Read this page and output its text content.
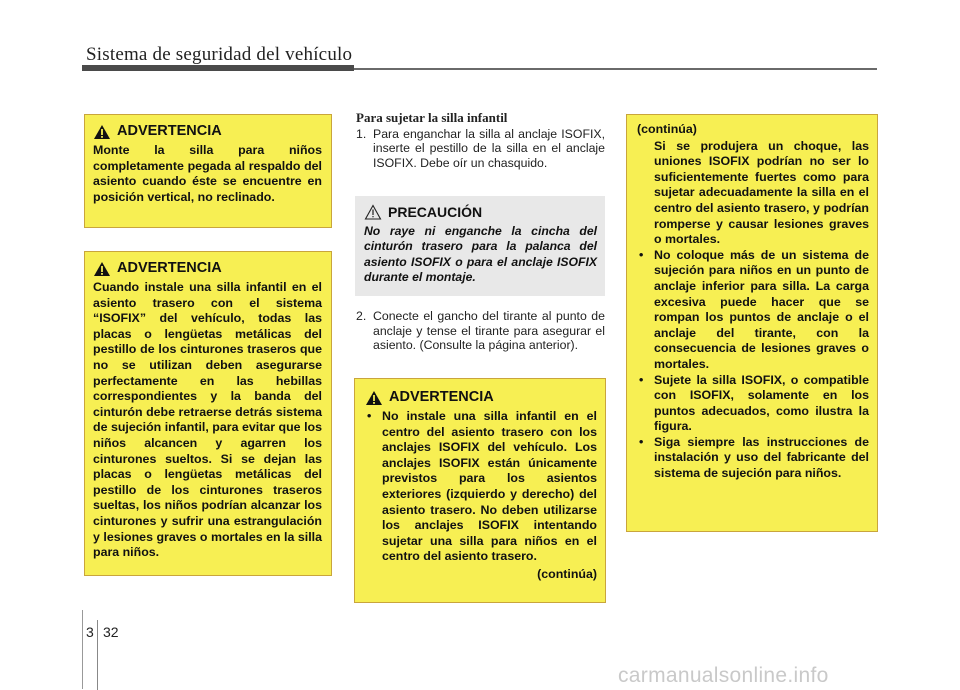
Sistema de seguridad del vehículo
ADVERTENCIA
Monte la silla para niños completamente pegada al respaldo del asiento cuando éste se encuentre en posición vertical, no reclinado.
ADVERTENCIA
Cuando instale una silla infantil en el asiento trasero con el sistema “ISOFIX” del vehículo, todas las placas o lengüetas metálicas del pestillo de los cinturones traseros que no se utilizan deben asegurarse perfectamente en las hebillas correspondientes y la banda del cinturón debe retraerse detrás sistema de sujeción infantil, para evitar que los niños alcancen y agarren los cinturones sueltos. Si se dejan las placas o lengüetas metálicas del pestillo de los cinturones traseros sueltas, los niños podrían alcanzar los cinturones y sufrir una estrangulación y lesiones graves o mortales en la silla para niños.
Para sujetar la silla infantil
1. Para enganchar la silla al anclaje ISOFIX, inserte el pestillo de la silla en el anclaje ISOFIX. Debe oír un chasquido.
PRECAUCIÓN
No raye ni enganche la cincha del cinturón trasero para la palanca del asiento ISOFIX o para el anclaje ISOFIX durante el montaje.
2. Conecte el gancho del tirante al punto de anclaje y tense el tirante para asegurar el asiento. (Consulte la página anterior).
ADVERTENCIA
• No instale una silla infantil en el centro del asiento trasero con los anclajes ISOFIX del vehículo. Los anclajes ISOFIX están únicamente previstos para los asientos exteriores (izquierdo y derecho) del asiento trasero. No deben utilizarse los anclajes ISOFIX intentando sujetar una silla para niños en el centro del asiento trasero.
(continúa)
(continúa)
Si se produjera un choque, las uniones ISOFIX podrían no ser lo suficientemente fuertes como para sujetar adecuadamente la silla en el centro del asiento trasero, y podrían romperse y causar lesiones graves o mortales.
• No coloque más de un sistema de sujeción para niños en un punto de anclaje inferior para silla. La carga excesiva puede hacer que se rompan los puntos de anclaje o el anclaje del tirante, con la consecuencia de lesiones graves o mortales.
• Sujete la silla ISOFIX, o compatible con ISOFIX, solamente en los puntos adecuados, como ilustra la figura.
• Siga siempre las instrucciones de instalación y uso del fabricante del sistema de sujeción para niños.
3 32
carmanualsonline.info
